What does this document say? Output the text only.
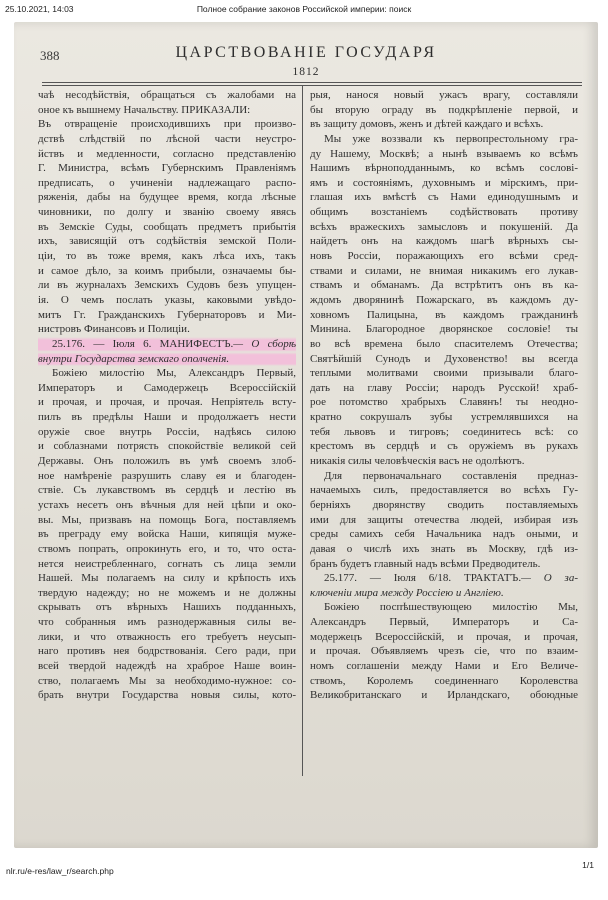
25.10.2021, 14:03	Полное собрание законов Российской империи: поиск
388	ЦАРСТВОВАНІЕ ГОСУДАРЯ
1812
чаѣ несодѣйствія, обращаться съ жалобами на
оное къ вышнему Начальству. ПРИКАЗАЛИ:
Въ отвращеніе происходившихъ при произво-
дствѣ слѣдствій по лѣсной части неустро-
йствъ и медленности, согласно представленію
Г. Министра, всѣмъ Губернскимъ Правленіямъ
предписать, о учиненіи надлежащаго распо-
ряженія, дабы на будущее время, когда лѣсные
чиновники, по долгу и званію своему явясь
въ Земскіе Суды, сообщать предметъ прибытія
ихъ, зависящій отъ содѣйствія земской Поли-
ціи, то въ тоже время, какъ лѣса ихъ, такъ
и самое дѣло, за коимъ прибыли, означаемы бы-
ли въ журналахъ Земскихъ Судовъ безъ упущен-
ія. О чемъ послать указы, каковыми увѣдо-
митъ Гг. Гражданскихъ Губернаторовъ и Ми-
нистровъ Финансовъ и Полиціи.
25.176. — Іюля 6. МАНИФЕСТЪ.— О сборѣ
внутри Государства земскаго ополченія.
Божіею милостію Мы, Александръ Первый,
Императоръ и Самодержецъ Всероссійскій
и прочая, и прочая, и прочая. Непріятель всту-
пилъ въ предѣлы Наши и продолжаетъ нести
оружіе свое внутрь Россіи, надѣясь силою
и соблазнами потрясть спокойствіе великой сей
Державы. Онъ положилъ въ умѣ своемъ злоб-
ное намѣреніе разрушить славу ея и благоден-
ствіе. Съ лукавствомъ въ сердцѣ и лестію въ
устахъ несетъ онъ вѣчныя для ней цѣпи и око-
вы. Мы, призвавъ на помощь Бога, поставляемъ
въ преграду ему войска Наши, кипящія муже-
ствомъ попрать, опрокинуть его, и то, что оста-
нется неистребленнаго, согнать съ лица земли
Нашей. Мы полагаемъ на силу и крѣпость ихъ
твердую надежду; но не можемъ и не должны
скрывать отъ вѣрныхъ Нашихъ подданныхъ,
что собранныя имъ разнодержавныя силы ве-
лики, и что отважность его требуетъ неусып-
наго противъ нея бодрствованія. Сего ради, при
всей твердой надеждѣ на храброе Наше воин-
ство, полагаемъ Мы за необходимо-нужное: со-
брать внутри Государства новыя силы, кото-
рыя, нанося новый ужасъ врагу, составляли
бы вторую ограду въ подкрѣпленіе первой, и
въ защиту домовъ, женъ и дѣтей каждаго и всѣхъ.
Мы уже воззвали къ первопрестольному гра-
ду Нашему, Москвѣ; а нынѣ взываемъ ко всѣмъ
Нашимъ вѣрноподданнымъ, ко всѣмъ сослові-
ямъ и состояніямъ, духовнымъ и мірскимъ, при-
глашая ихъ вмѣстѣ съ Нами единодушнымъ и
общимъ возстаніемъ содѣйствовать противу
всѣхъ вражескихъ замысловъ и покушеній. Да
найдетъ онъ на каждомъ шагѣ вѣрныхъ сы-
новъ Россіи, поражающихъ его всѣми сред-
ствами и силами, не внимая никакимъ его лукав-
ствамъ и обманамъ. Да встрѣтитъ онъ въ ка-
ждомъ дворянинѣ Пожарскаго, въ каждомъ ду-
ховномъ Палицына, въ каждомъ гражданинѣ
Минина. Благородное дворянское сословіе! ты
во всѣ времена было спасителемъ Отечества;
Святѣйшій Сунодъ и Духовенство! вы всегда
теплыми молитвами своими призывали благо-
дать на главу Россіи; народъ Русской! храб-
рое потомство храбрыхъ Славянъ! ты неодно-
кратно сокрушалъ зубы устремлявшихся на
тебя львовъ и тигровъ; соединитесь всѣ: со
крестомъ въ сердцѣ и съ оружіемъ въ рукахъ
никакія силы человѣческія васъ не одолѣютъ.
Для первоначальнаго составленія предназ-
начаемыхъ силъ, предоставляется во всѣхъ Гу-
берніяхъ дворянству сводить поставляемыхъ
ими для защиты отечества людей, избирая изъ
среды самихъ себя Начальника надъ оными, и
давая о числѣ ихъ знать въ Москву, гдѣ из-
бранъ будетъ главный надъ всѣми Предводитель.
25.177. — Іюля 6/18. ТРАКТАТЪ.— О за-
ключеніи мира между Россіею и Англіею.
Божіею поспѣшествующею милостію Мы,
Александръ Первый, Императоръ и Са-
модержецъ Всероссійскій, и прочая, и прочая,
и прочая. Объявляемъ чрезъ сіе, что по взаим-
номъ соглашеніи между Нами и Его Величе-
ствомъ, Королемъ соединеннаго Королевства
Великобританскаго и Ирландскаго, обоюдные
nlr.ru/e-res/law_r/search.php
1/1
